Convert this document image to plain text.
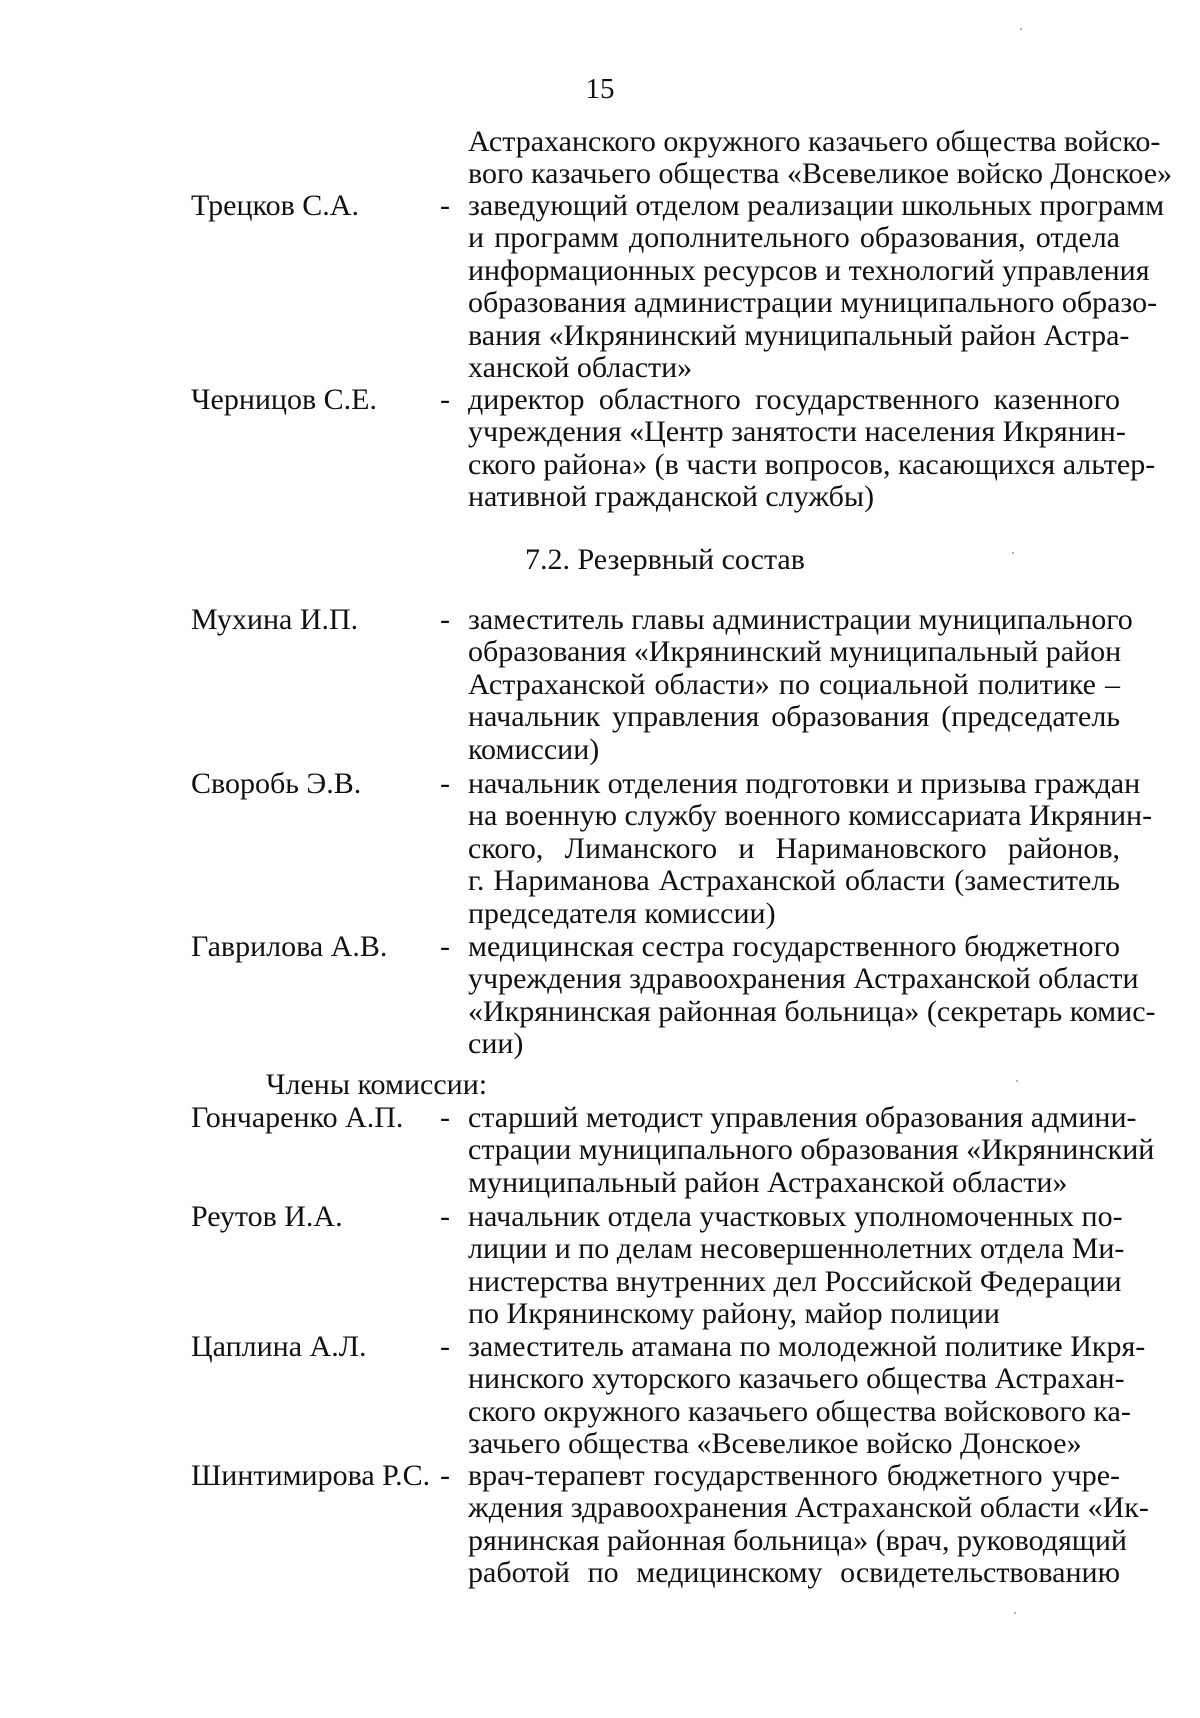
15
Астраханского окружного казачьего общества войско-
вого казачьего общества «Всевеликое войско Донское»
Трецков С.А.	- заведующий отделом реализации школьных программ
и программ дополнительного образования, отдела
информационных ресурсов и технологий управления
образования администрации муниципального образо-
вания «Икрянинский муниципальный район Астра-
ханской области»
Черницов С.Е. - директор областного государственного казенного
учреждения «Центр занятости населения Икрянин-
ского района» (в части вопросов, касающихся альтер-
нативной гражданской службы)
7.2. Резервный состав
Мухина И.П.	- заместитель главы администрации муниципального
образования «Икрянинский муниципальный район
Астраханской области» по социальной политике –
начальник управления образования (председатель
комиссии)
Своробь Э.В.	- начальник отделения подготовки и призыва граждан
на военную службу военного комиссариата Икрянин-
ского, Лиманского и Наримановского районов,
г. Нариманова Астраханской области (заместитель
председателя комиссии)
Гаврилова А.В. - медицинская сестра государственного бюджетного
учреждения здравоохранения Астраханской области
«Икрянинская районная больница» (секретарь комис-
сии)
Члены комиссии:
Гончаренко А.П. - старший методист управления образования админи-
страции муниципального образования «Икрянинский
муниципальный район Астраханской области»
Реутов И.А.	- начальник отдела участковых уполномоченных по-
лиции и по делам несовершеннолетних отдела Ми-
нистерства внутренних дел Российской Федерации
по Икрянинскому району, майор полиции
Цаплина А.Л. - заместитель атамана по молодежной политике Икря-
нинского хуторского казачьего общества Астрахан-
ского окружного казачьего общества войскового ка-
зачьего общества «Всевеликое войско Донское»
Шинтимирова Р.С. - врач-терапевт государственного бюджетного учре-
ждения здравоохранения Астраханской области «Ик-
рянинская районная больница» (врач, руководящий
работой по медицинскому освидетельствованию
